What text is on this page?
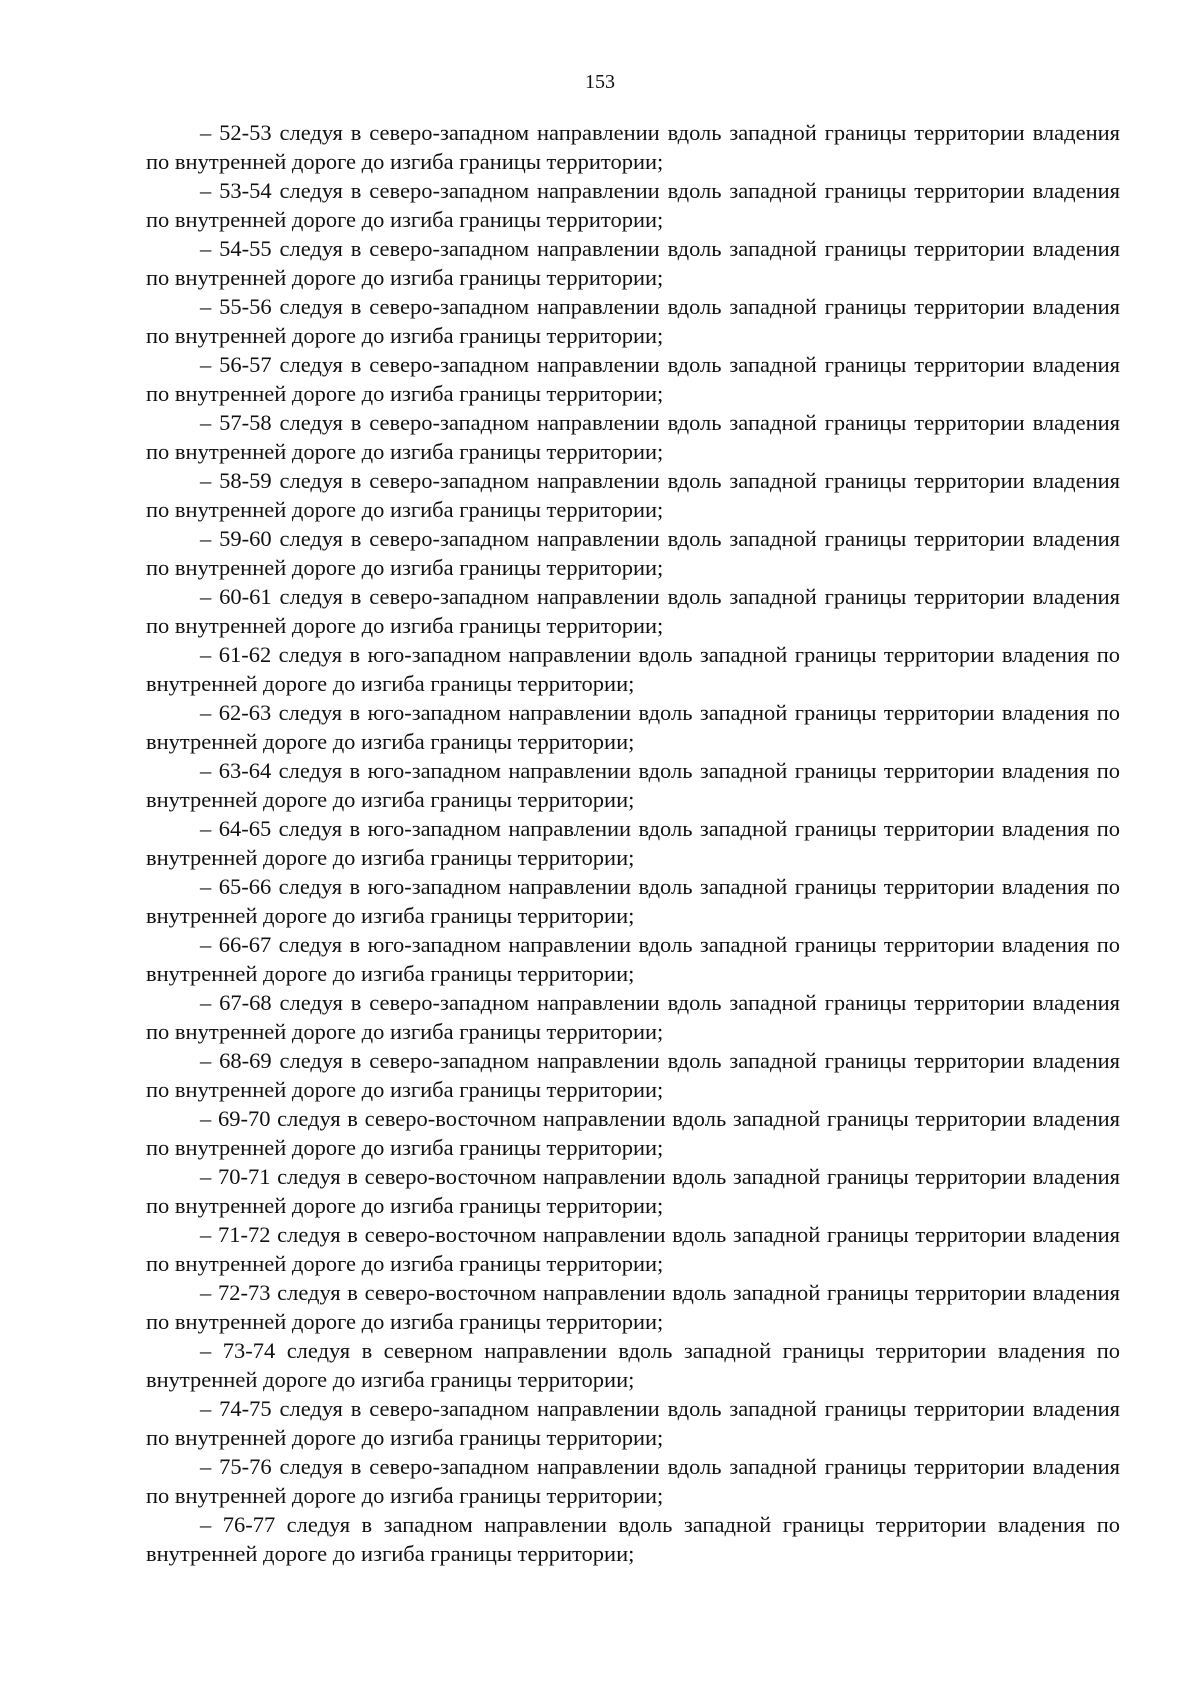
153

– 52-53 следуя в северо-западном направлении вдоль западной границы территории владения по внутренней дороге до изгиба границы территории;

– 53-54 следуя в северо-западном направлении вдоль западной границы территории владения по внутренней дороге до изгиба границы территории;

– 54-55 следуя в северо-западном направлении вдоль западной границы территории владения по внутренней дороге до изгиба границы территории;

– 55-56 следуя в северо-западном направлении вдоль западной границы территории владения по внутренней дороге до изгиба границы территории;

– 56-57 следуя в северо-западном направлении вдоль западной границы территории владения по внутренней дороге до изгиба границы территории;

– 57-58 следуя в северо-западном направлении вдоль западной границы территории владения по внутренней дороге до изгиба границы территории;

– 58-59 следуя в северо-западном направлении вдоль западной границы территории владения по внутренней дороге до изгиба границы территории;

– 59-60 следуя в северо-западном направлении вдоль западной границы территории владения по внутренней дороге до изгиба границы территории;

– 60-61 следуя в северо-западном направлении вдоль западной границы территории владения по внутренней дороге до изгиба границы территории;

– 61-62 следуя в юго-западном направлении вдоль западной границы территории владения по внутренней дороге до изгиба границы территории;

– 62-63 следуя в юго-западном направлении вдоль западной границы территории владения по внутренней дороге до изгиба границы территории;

– 63-64 следуя в юго-западном направлении вдоль западной границы территории владения по внутренней дороге до изгиба границы территории;

– 64-65 следуя в юго-западном направлении вдоль западной границы территории владения по внутренней дороге до изгиба границы территории;

– 65-66 следуя в юго-западном направлении вдоль западной границы территории владения по внутренней дороге до изгиба границы территории;

– 66-67 следуя в юго-западном направлении вдоль западной границы территории владения по внутренней дороге до изгиба границы территории;

– 67-68 следуя в северо-западном направлении вдоль западной границы территории владения по внутренней дороге до изгиба границы территории;

– 68-69 следуя в северо-западном направлении вдоль западной границы территории владения по внутренней дороге до изгиба границы территории;

– 69-70 следуя в северо-восточном направлении вдоль западной границы территории владения по внутренней дороге до изгиба границы территории;

– 70-71 следуя в северо-восточном направлении вдоль западной границы территории владения по внутренней дороге до изгиба границы территории;

– 71-72 следуя в северо-восточном направлении вдоль западной границы территории владения по внутренней дороге до изгиба границы территории;

– 72-73 следуя в северо-восточном направлении вдоль западной границы территории владения по внутренней дороге до изгиба границы территории;

– 73-74 следуя в северном направлении вдоль западной границы территории владения по внутренней дороге до изгиба границы территории;

– 74-75 следуя в северо-западном направлении вдоль западной границы территории владения по внутренней дороге до изгиба границы территории;

– 75-76 следуя в северо-западном направлении вдоль западной границы территории владения по внутренней дороге до изгиба границы территории;

– 76-77 следуя в западном направлении вдоль западной границы территории владения по внутренней дороге до изгиба границы территории;
